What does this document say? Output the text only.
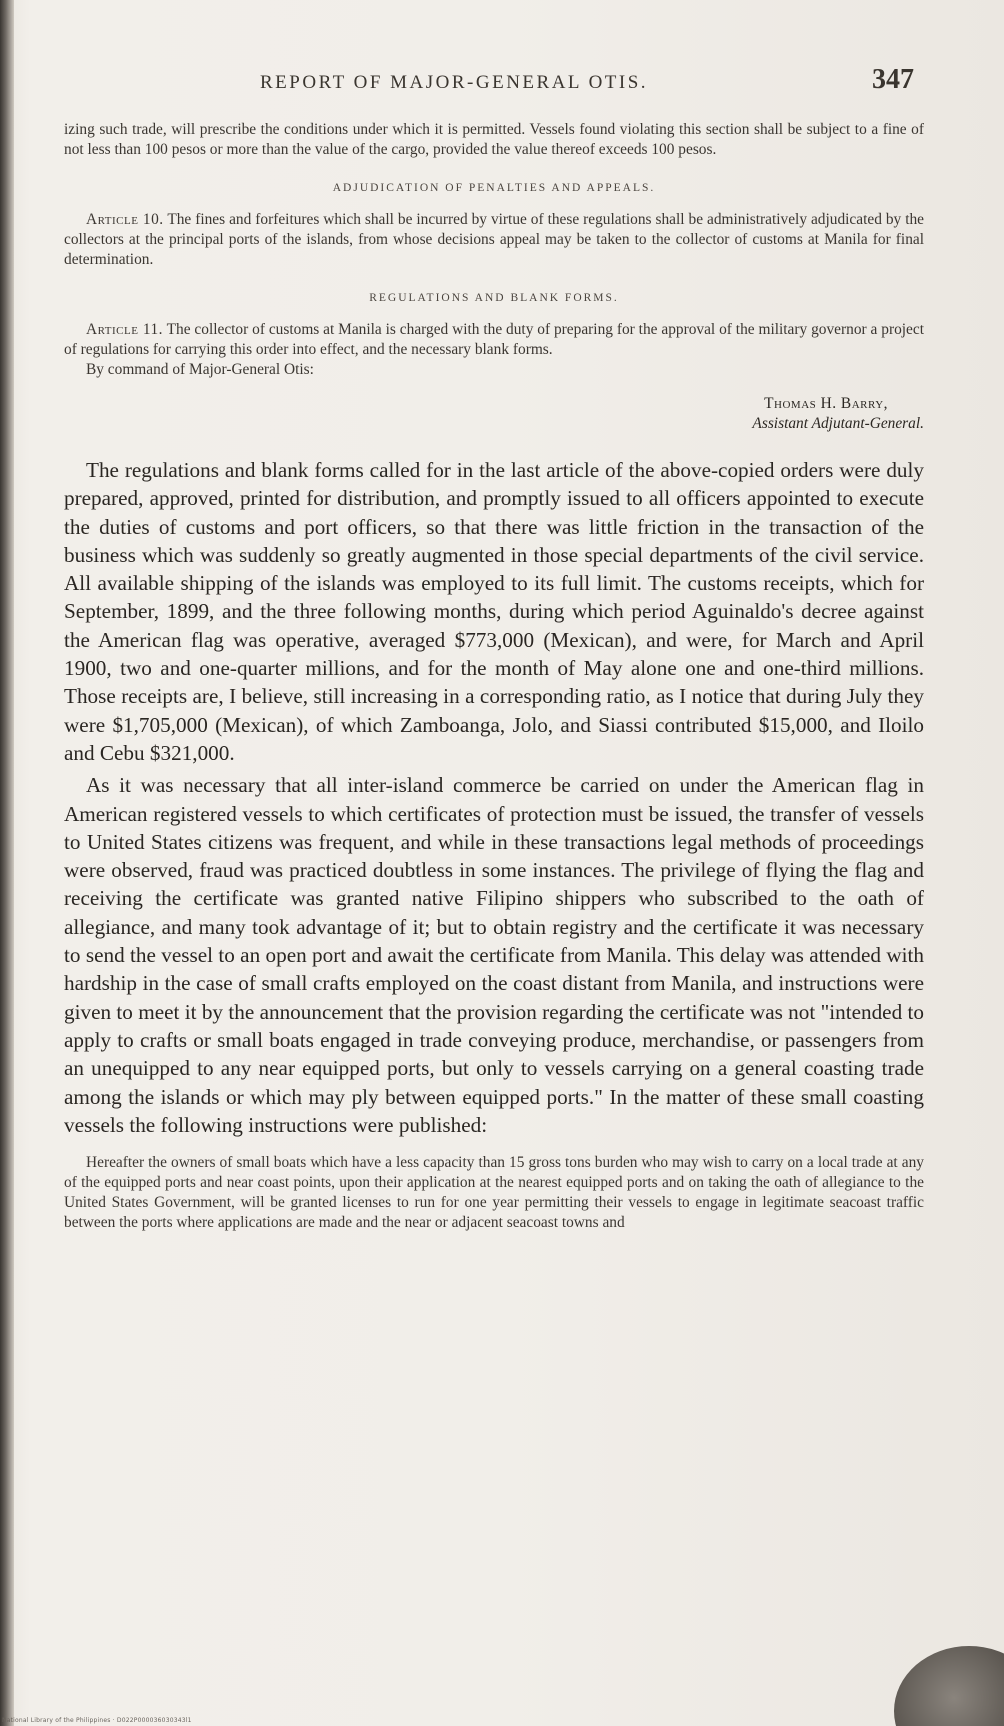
REPORT OF MAJOR-GENERAL OTIS.	347

izing such trade, will prescribe the conditions under which it is permitted. Vessels found violating this section shall be subject to a fine of not less than 100 pesos or more than the value of the cargo, provided the value thereof exceeds 100 pesos.

ADJUDICATION OF PENALTIES AND APPEALS.

Article 10. The fines and forfeitures which shall be incurred by virtue of these regulations shall be administratively adjudicated by the collectors at the principal ports of the islands, from whose decisions appeal may be taken to the collector of customs at Manila for final determination.

REGULATIONS AND BLANK FORMS.

Article 11. The collector of customs at Manila is charged with the duty of preparing for the approval of the military governor a project of regulations for carrying this order into effect, and the necessary blank forms.

By command of Major-General Otis:

Thomas H. Barry,
Assistant Adjutant-General.

The regulations and blank forms called for in the last article of the above-copied orders were duly prepared, approved, printed for distribution, and promptly issued to all officers appointed to execute the duties of customs and port officers, so that there was little friction in the transaction of the business which was suddenly so greatly augmented in those special departments of the civil service. All available shipping of the islands was employed to its full limit. The customs receipts, which for September, 1899, and the three following months, during which period Aguinaldo's decree against the American flag was operative, averaged $773,000 (Mexican), and were, for March and April 1900, two and one-quarter millions, and for the month of May alone one and one-third millions. Those receipts are, I believe, still increasing in a corresponding ratio, as I notice that during July they were $1,705,000 (Mexican), of which Zamboanga, Jolo, and Siassi contributed $15,000, and Iloilo and Cebu $321,000.

As it was necessary that all inter-island commerce be carried on under the American flag in American registered vessels to which certificates of protection must be issued, the transfer of vessels to United States citizens was frequent, and while in these transactions legal methods of proceedings were observed, fraud was practiced doubtless in some instances. The privilege of flying the flag and receiving the certificate was granted native Filipino shippers who subscribed to the oath of allegiance, and many took advantage of it; but to obtain registry and the certificate it was necessary to send the vessel to an open port and await the certificate from Manila. This delay was attended with hardship in the case of small crafts employed on the coast distant from Manila, and instructions were given to meet it by the announcement that the provision regarding the certificate was not "intended to apply to crafts or small boats engaged in trade conveying produce, merchandise, or passengers from an unequipped to any near equipped ports, but only to vessels carrying on a general coasting trade among the islands or which may ply between equipped ports." In the matter of these small coasting vessels the following instructions were published:

Hereafter the owners of small boats which have a less capacity than 15 gross tons burden who may wish to carry on a local trade at any of the equipped ports and near coast points, upon their application at the nearest equipped ports and on taking the oath of allegiance to the United States Government, will be granted licenses to run for one year permitting their vessels to engage in legitimate seacoast traffic between the ports where applications are made and the near or adjacent seacoast towns and

National Library of the Philippines · D022P000036030343l1
